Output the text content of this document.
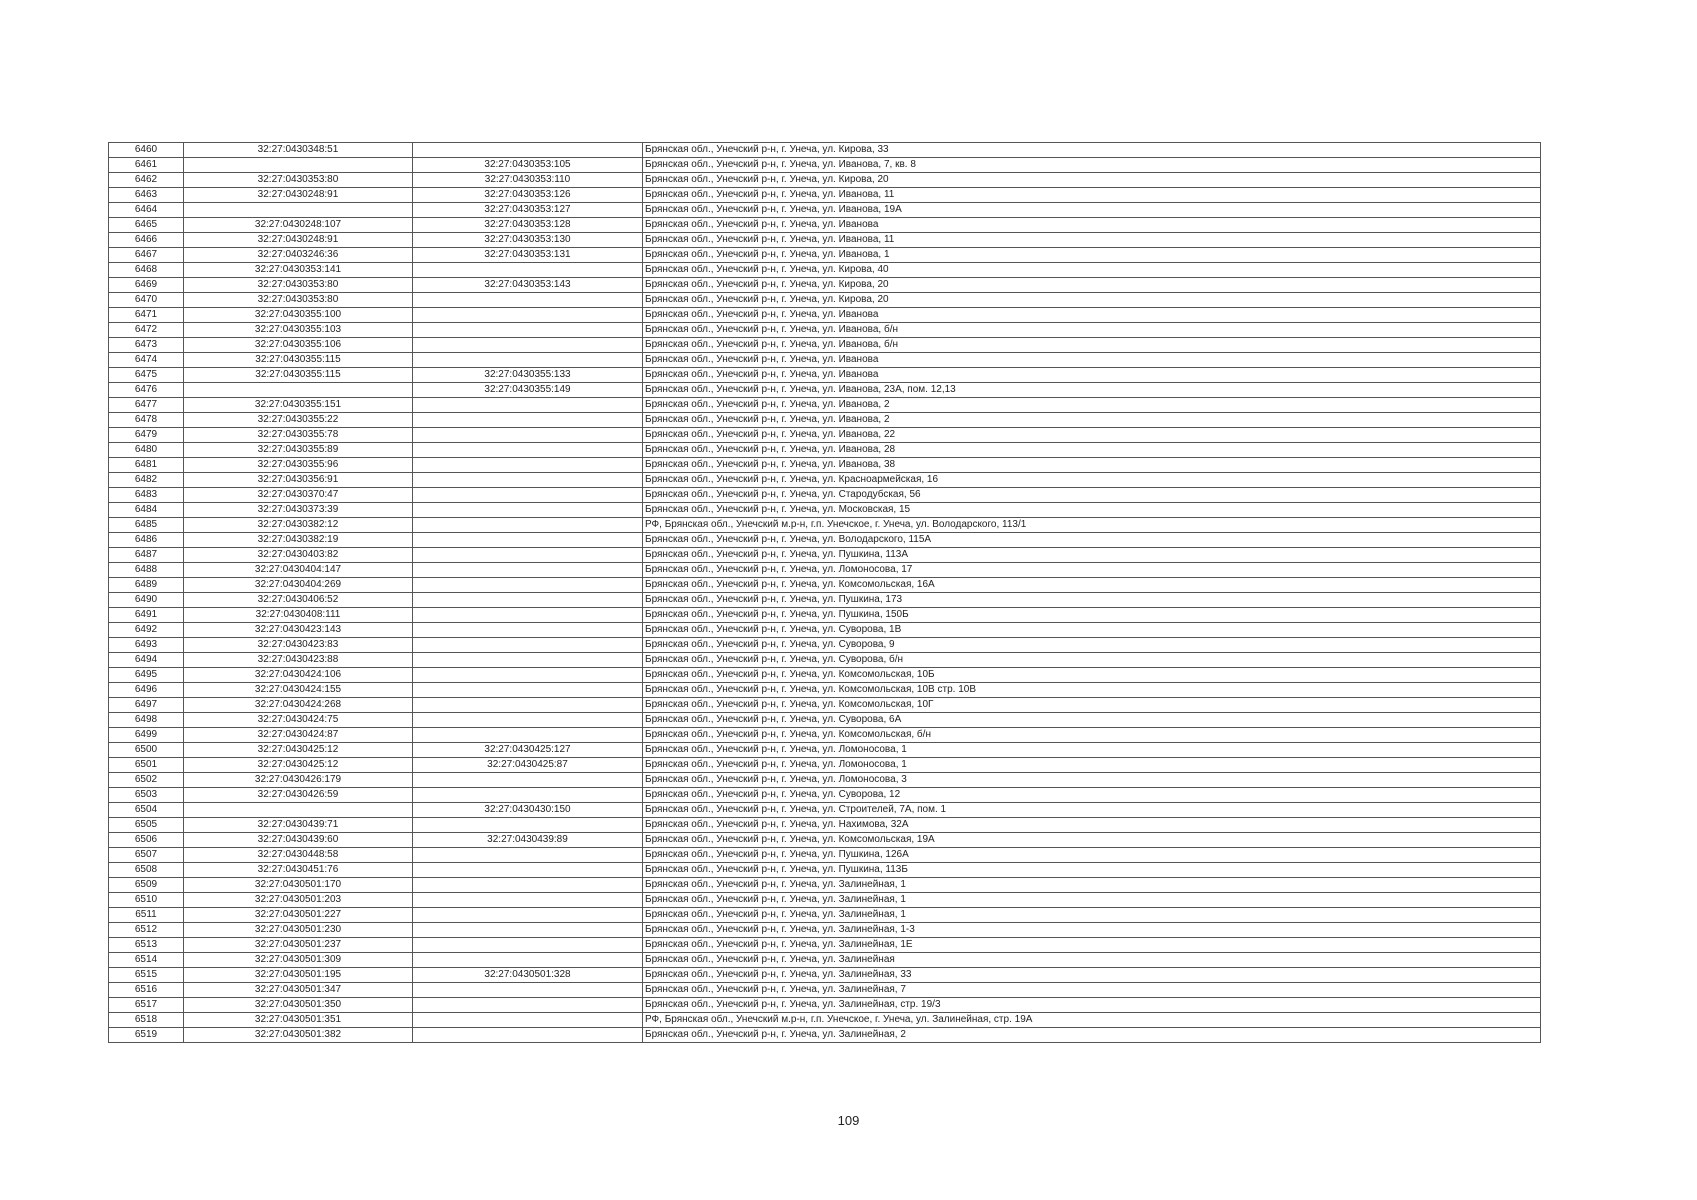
6460	32:27:0430348:51		Брянская обл., Унечский р-н, г. Унеча, ул. Кирова, 33
6461		32:27:0430353:105	Брянская обл., Унечский р-н, г. Унеча, ул. Иванова, 7, кв. 8
6462	32:27:0430353:80	32:27:0430353:110	Брянская обл., Унечский р-н, г. Унеча, ул. Кирова, 20
6463	32:27:0430248:91	32:27:0430353:126	Брянская обл., Унечский р-н, г. Унеча, ул. Иванова, 11
6464		32:27:0430353:127	Брянская обл., Унечский р-н, г. Унеча, ул. Иванова, 19А
6465	32:27:0430248:107	32:27:0430353:128	Брянская обл., Унечский р-н, г. Унеча, ул. Иванова
6466	32:27:0430248:91	32:27:0430353:130	Брянская обл., Унечский р-н, г. Унеча, ул. Иванова, 11
6467	32:27:0403246:36	32:27:0430353:131	Брянская обл., Унечский р-н, г. Унеча, ул. Иванова, 1
6468	32:27:0430353:141		Брянская обл., Унечский р-н, г. Унеча, ул. Кирова, 40
6469	32:27:0430353:80	32:27:0430353:143	Брянская обл., Унечский р-н, г. Унеча, ул. Кирова, 20
6470	32:27:0430353:80		Брянская обл., Унечский р-н, г. Унеча, ул. Кирова, 20
6471	32:27:0430355:100		Брянская обл., Унечский р-н, г. Унеча, ул. Иванова
6472	32:27:0430355:103		Брянская обл., Унечский р-н, г. Унеча, ул. Иванова, б/н
6473	32:27:0430355:106		Брянская обл., Унечский р-н, г. Унеча, ул. Иванова, б/н
6474	32:27:0430355:115		Брянская обл., Унечский р-н, г. Унеча, ул. Иванова
6475	32:27:0430355:115	32:27:0430355:133	Брянская обл., Унечский р-н, г. Унеча, ул. Иванова
6476		32:27:0430355:149	Брянская обл., Унечский р-н, г. Унеча, ул. Иванова, 23А, пом. 12,13
6477	32:27:0430355:151		Брянская обл., Унечский р-н, г. Унеча, ул. Иванова, 2
6478	32:27:0430355:22		Брянская обл., Унечский р-н, г. Унеча, ул. Иванова, 2
6479	32:27:0430355:78		Брянская обл., Унечский р-н, г. Унеча, ул. Иванова, 22
6480	32:27:0430355:89		Брянская обл., Унечский р-н, г. Унеча, ул. Иванова, 28
6481	32:27:0430355:96		Брянская обл., Унечский р-н, г. Унеча, ул. Иванова, 38
6482	32:27:0430356:91		Брянская обл., Унечский р-н, г. Унеча, ул. Красноармейская, 16
6483	32:27:0430370:47		Брянская обл., Унечский р-н, г. Унеча, ул. Стародубская, 56
6484	32:27:0430373:39		Брянская обл., Унечский р-н, г. Унеча, ул. Московская, 15
6485	32:27:0430382:12		РФ, Брянская обл., Унечский м.р-н, г.п. Унечское, г. Унеча, ул. Володарского, 113/1
6486	32:27:0430382:19		Брянская обл., Унечский р-н, г. Унеча, ул. Володарского, 115А
6487	32:27:0430403:82		Брянская обл., Унечский р-н, г. Унеча, ул. Пушкина, 113А
6488	32:27:0430404:147		Брянская обл., Унечский р-н, г. Унеча, ул. Ломоносова, 17
6489	32:27:0430404:269		Брянская обл., Унечский р-н, г. Унеча, ул. Комсомольская, 16А
6490	32:27:0430406:52		Брянская обл., Унечский р-н, г. Унеча, ул. Пушкина, 173
6491	32:27:0430408:111		Брянская обл., Унечский р-н, г. Унеча, ул. Пушкина, 150Б
6492	32:27:0430423:143		Брянская обл., Унечский р-н, г. Унеча, ул. Суворова, 1В
6493	32:27:0430423:83		Брянская обл., Унечский р-н, г. Унеча, ул. Суворова, 9
6494	32:27:0430423:88		Брянская обл., Унечский р-н, г. Унеча, ул. Суворова, б/н
6495	32:27:0430424:106		Брянская обл., Унечский р-н, г. Унеча, ул. Комсомольская, 10Б
6496	32:27:0430424:155		Брянская обл., Унечский р-н, г. Унеча, ул. Комсомольская, 10В стр. 10В
6497	32:27:0430424:268		Брянская обл., Унечский р-н, г. Унеча, ул. Комсомольская, 10Г
6498	32:27:0430424:75		Брянская обл., Унечский р-н, г. Унеча, ул. Суворова, 6А
6499	32:27:0430424:87		Брянская обл., Унечский р-н, г. Унеча, ул. Комсомольская, б/н
6500	32:27:0430425:12	32:27:0430425:127	Брянская обл., Унечский р-н, г. Унеча, ул. Ломоносова, 1
6501	32:27:0430425:12	32:27:0430425:87	Брянская обл., Унечский р-н, г. Унеча, ул. Ломоносова, 1
6502	32:27:0430426:179		Брянская обл., Унечский р-н, г. Унеча, ул. Ломоносова, 3
6503	32:27:0430426:59		Брянская обл., Унечский р-н, г. Унеча, ул. Суворова, 12
6504		32:27:0430430:150	Брянская обл., Унечский р-н, г. Унеча, ул. Строителей, 7А, пом. 1
6505	32:27:0430439:71		Брянская обл., Унечский р-н, г. Унеча, ул. Нахимова, 32А
6506	32:27:0430439:60	32:27:0430439:89	Брянская обл., Унечский р-н, г. Унеча, ул. Комсомольская, 19А
6507	32:27:0430448:58		Брянская обл., Унечский р-н, г. Унеча, ул. Пушкина, 126А
6508	32:27:0430451:76		Брянская обл., Унечский р-н, г. Унеча, ул. Пушкина, 113Б
6509	32:27:0430501:170		Брянская обл., Унечский р-н, г. Унеча, ул. Залинейная, 1
6510	32:27:0430501:203		Брянская обл., Унечский р-н, г. Унеча, ул. Залинейная, 1
6511	32:27:0430501:227		Брянская обл., Унечский р-н, г. Унеча, ул. Залинейная, 1
6512	32:27:0430501:230		Брянская обл., Унечский р-н, г. Унеча, ул. Залинейная, 1-3
6513	32:27:0430501:237		Брянская обл., Унечский р-н, г. Унеча, ул. Залинейная, 1Е
6514	32:27:0430501:309		Брянская обл., Унечский р-н, г. Унеча, ул. Залинейная
6515	32:27:0430501:195	32:27:0430501:328	Брянская обл., Унечский р-н, г. Унеча, ул. Залинейная, 33
6516	32:27:0430501:347		Брянская обл., Унечский р-н, г. Унеча, ул. Залинейная, 7
6517	32:27:0430501:350		Брянская обл., Унечский р-н, г. Унеча, ул. Залинейная, стр. 19/3
6518	32:27:0430501:351		РФ, Брянская обл., Унечский м.р-н, г.п. Унечское, г. Унеча, ул. Залинейная, стр. 19А
6519	32:27:0430501:382		Брянская обл., Унечский р-н, г. Унеча, ул. Залинейная, 2
109
